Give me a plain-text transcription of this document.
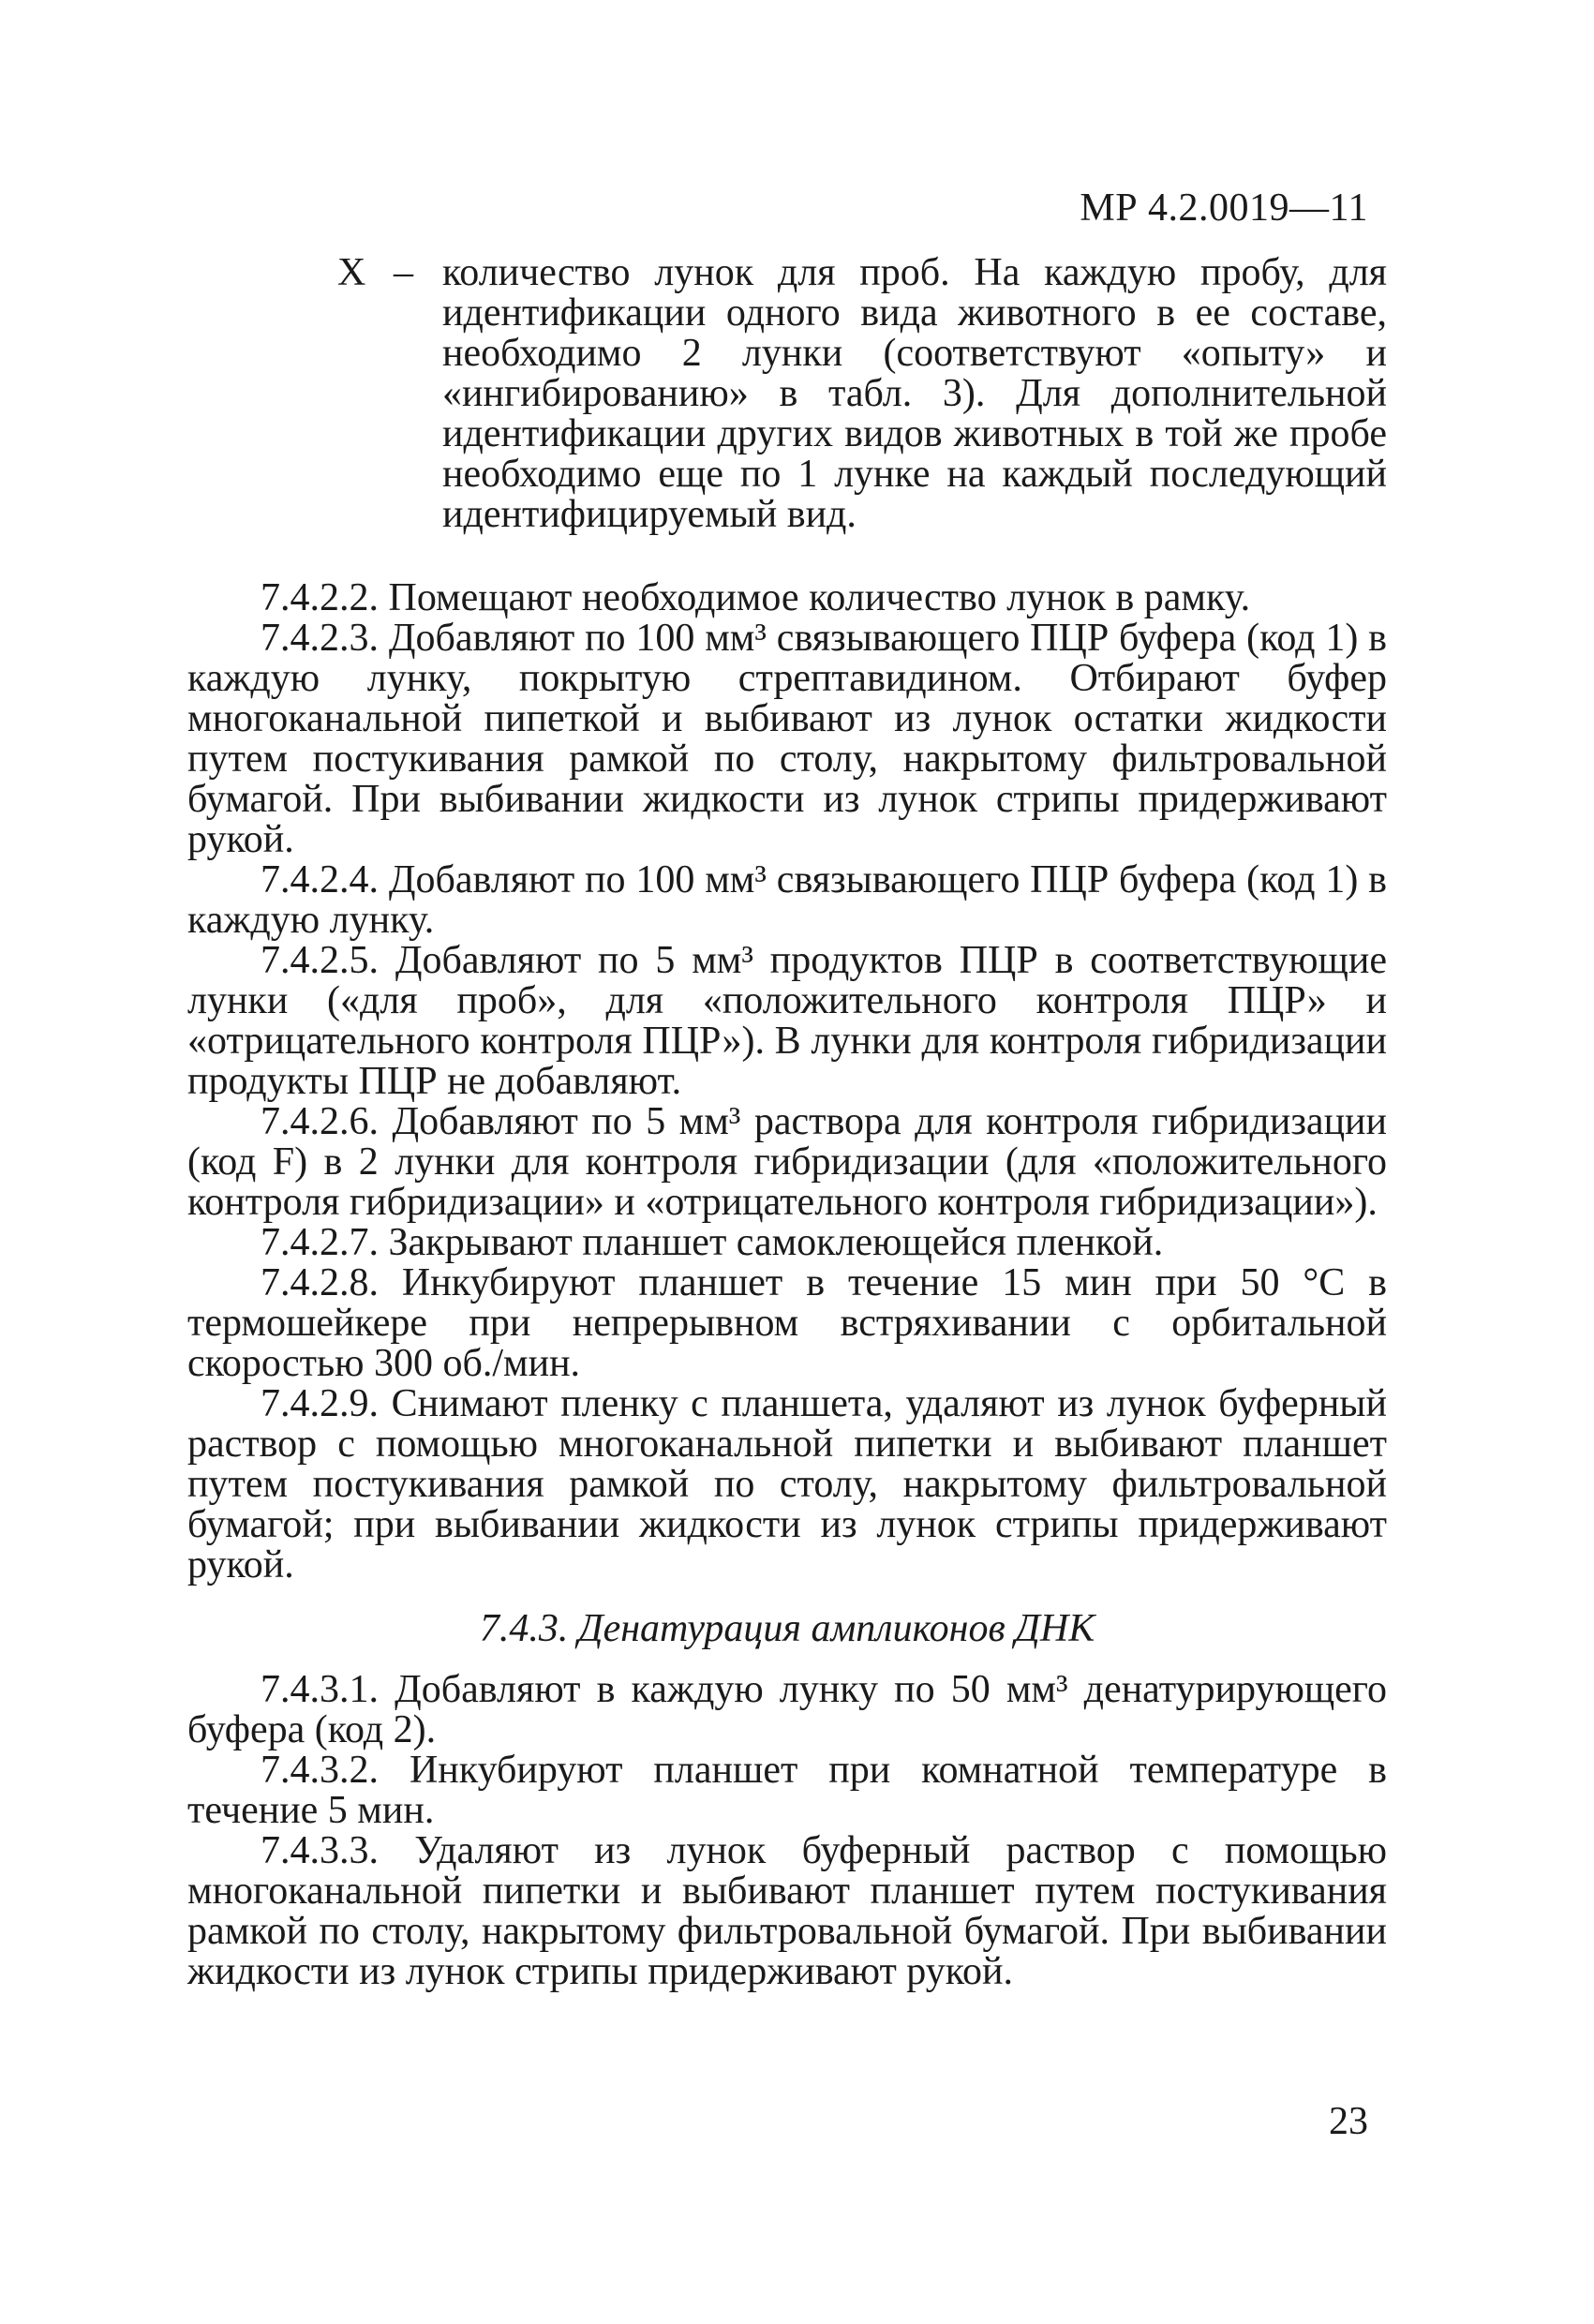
МР 4.2.0019—11
X – количество лунок для проб. На каждую пробу, для идентификации одного вида животного в ее составе, необходимо 2 лунки (соответствуют «опыту» и «ингибированию» в табл. 3). Для дополнительной идентификации других видов животных в той же пробе необходимо еще по 1 лунке на каждый последующий идентифицируемый вид.

7.4.2.2. Помещают необходимое количество лунок в рамку.

7.4.2.3. Добавляют по 100 мм³ связывающего ПЦР буфера (код 1) в каждую лунку, покрытую стрептавидином. Отбирают буфер многоканальной пипеткой и выбивают из лунок остатки жидкости путем постукивания рамкой по столу, накрытому фильтровальной бумагой. При выбивании жидкости из лунок стрипы придерживают рукой.

7.4.2.4. Добавляют по 100 мм³ связывающего ПЦР буфера (код 1) в каждую лунку.

7.4.2.5. Добавляют по 5 мм³ продуктов ПЦР в соответствующие лунки («для проб», для «положительного контроля ПЦР» и «отрицательного контроля ПЦР»). В лунки для контроля гибридизации продукты ПЦР не добавляют.

7.4.2.6. Добавляют по 5 мм³ раствора для контроля гибридизации (код F) в 2 лунки для контроля гибридизации (для «положительного контроля гибридизации» и «отрицательного контроля гибридизации»).

7.4.2.7. Закрывают планшет самоклеющейся пленкой.

7.4.2.8. Инкубируют планшет в течение 15 мин при 50 °С в термошейкере при непрерывном встряхивании с орбитальной скоростью 300 об./мин.

7.4.2.9. Снимают пленку с планшета, удаляют из лунок буферный раствор с помощью многоканальной пипетки и выбивают планшет путем постукивания рамкой по столу, накрытому фильтровальной бумагой; при выбивании жидкости из лунок стрипы придерживают рукой.

7.4.3. Денатурация ампликонов ДНК

7.4.3.1. Добавляют в каждую лунку по 50 мм³ денатурирующего буфера (код 2).

7.4.3.2. Инкубируют планшет при комнатной температуре в течение 5 мин.

7.4.3.3. Удаляют из лунок буферный раствор с помощью многоканальной пипетки и выбивают планшет путем постукивания рамкой по столу, накрытому фильтровальной бумагой. При выбивании жидкости из лунок стрипы придерживают рукой.

23
